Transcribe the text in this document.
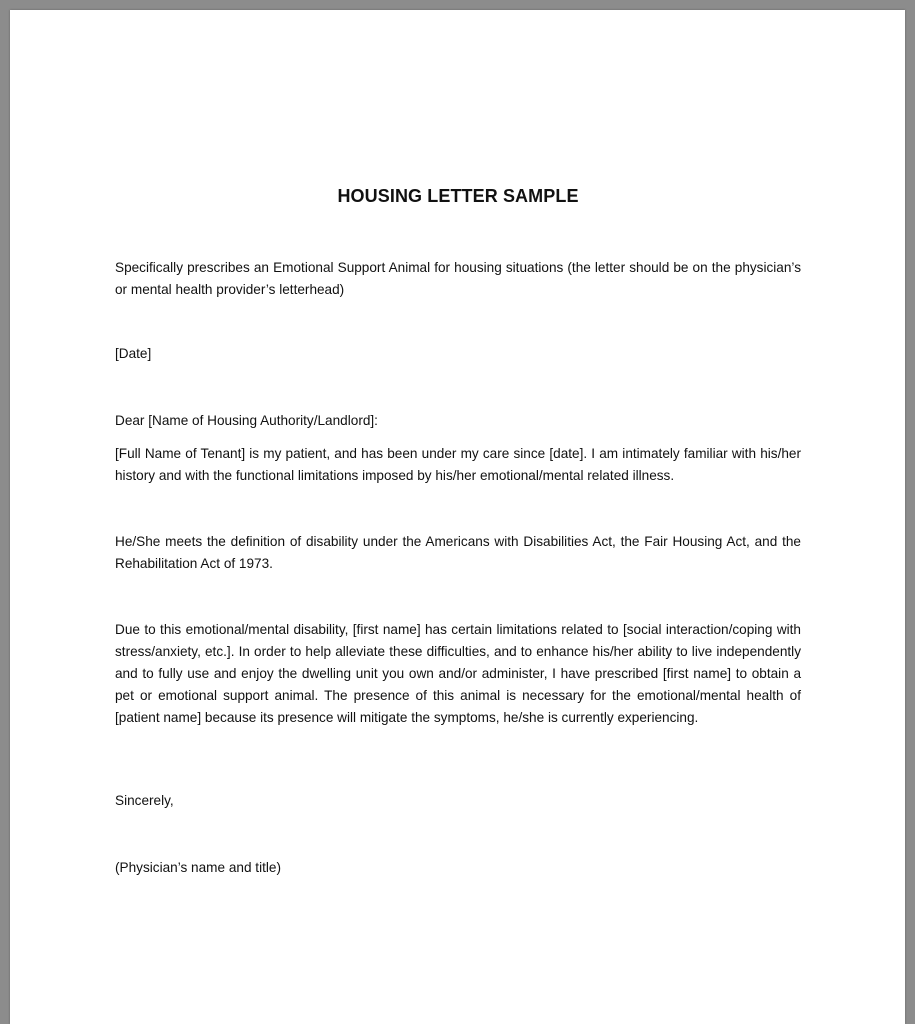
HOUSING LETTER SAMPLE

Specifically prescribes an Emotional Support Animal for housing situations (the letter should be on the physician’s or mental health provider’s letterhead)

[Date]
Dear [Name of Housing Authority/Landlord]:

[Full Name of Tenant] is my patient, and has been under my care since [date]. I am intimately familiar with his/her history and with the functional limitations imposed by his/her emotional/mental related illness.

He/She meets the definition of disability under the Americans with Disabilities Act, the Fair Housing Act, and the Rehabilitation Act of 1973.

Due to this emotional/mental disability, [first name] has certain limitations related to [social interaction/coping with stress/anxiety, etc.]. In order to help alleviate these difficulties, and to enhance his/her ability to live independently and to fully use and enjoy the dwelling unit you own and/or administer, I have prescribed [first name] to obtain a pet or emotional support animal. The presence of this animal is necessary for the emotional/mental health of [patient name] because its presence will mitigate the symptoms, he/she is currently experiencing.

Sincerely,
(Physician’s name and title)
